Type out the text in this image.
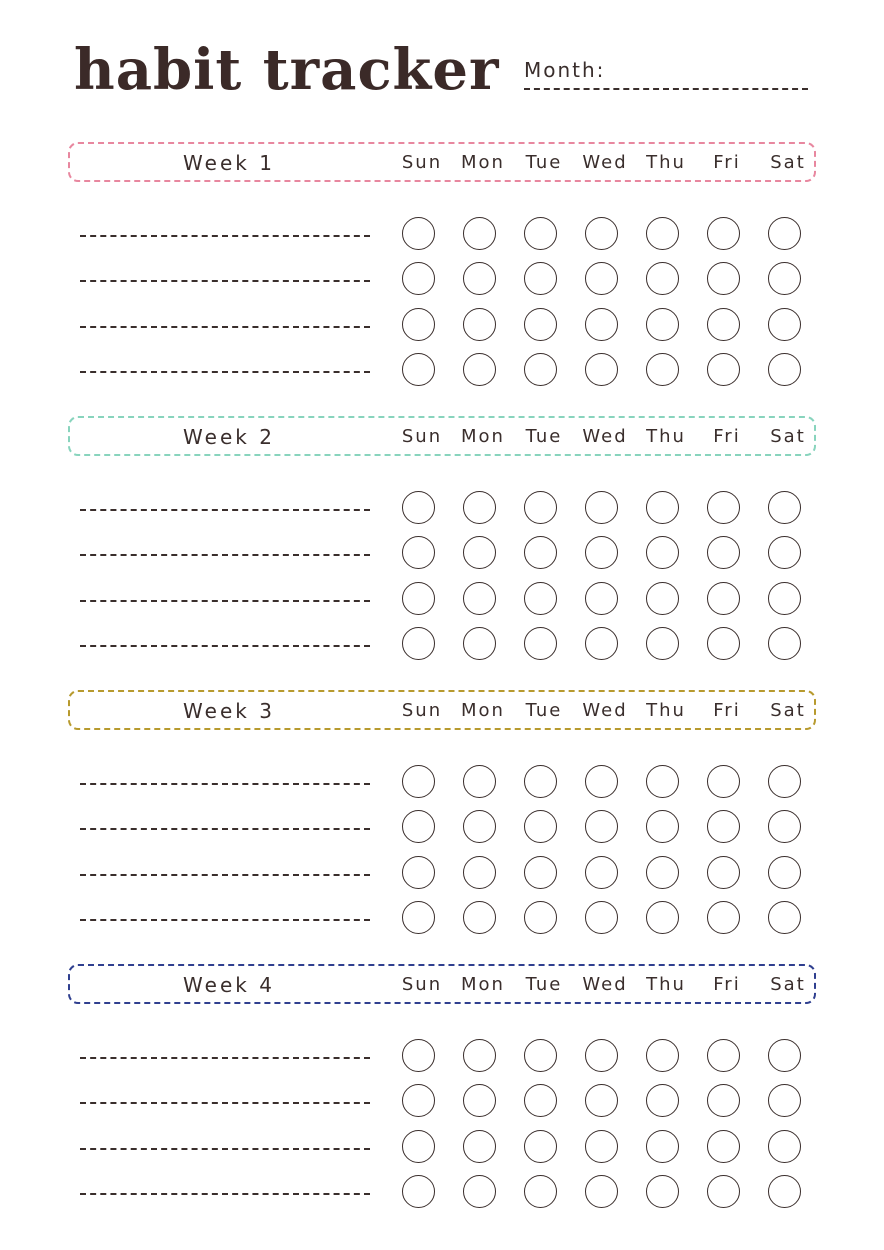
habit tracker Month:
Week 1	Sun Mon	Tue	Wed Thu	Fri	Sat
Week 2	Sun Mon	Tue	Wed Thu	Fri	Sat
Week 3	Sun Mon	Tue	Wed Thu	Fri	Sat
Week 4	Sun Mon	Tue	Wed Thu	Fri	Sat
